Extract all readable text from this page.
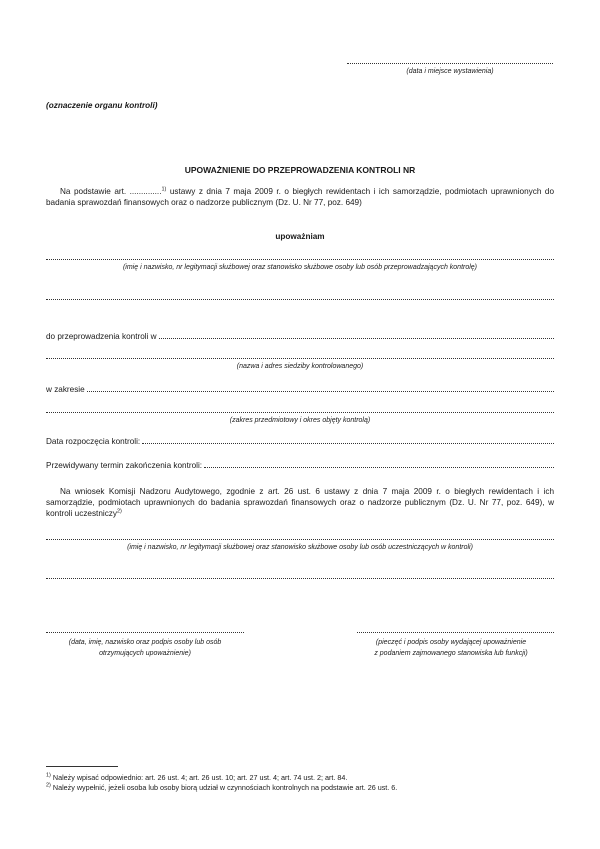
(data i miejsce wystawienia)
(oznaczenie organu kontroli)
UPOWAŻNIENIE DO PRZEPROWADZENIA KONTROLI NR
Na podstawie art. ..............$^{1)}$ ustawy z dnia 7 maja 2009 r. o biegłych rewidentach i ich samorządzie, podmiotach uprawnionych do badania sprawozdań finansowych oraz o nadzorze publicznym (Dz. U. Nr 77, poz. 649)
upoważniam
(imię i nazwisko, nr legitymacji służbowej oraz stanowisko służbowe osoby lub osób przeprowadzających kontrolę)
do przeprowadzenia kontroli w
(nazwa i adres siedziby kontrolowanego)
w zakresie
(zakres przedmiotowy i okres objęty kontrolą)
Data rozpoczęcia kontroli:
Przewidywany termin zakończenia kontroli:
Na wniosek Komisji Nadzoru Audytowego, zgodnie z art. 26 ust. 6 ustawy z dnia 7 maja 2009 r. o biegłych rewidentach i ich samorządzie, podmiotach uprawnionych do badania sprawozdań finansowych oraz o nadzorze publicznym (Dz. U. Nr 77, poz. 649), w kontroli uczestniczy$^{2)}$
(imię i nazwisko, nr legitymacji służbowej oraz stanowisko służbowe osoby lub osób uczestniczących w kontroli)
(data, imię, nazwisko oraz podpis osoby lub osób
otrzymujących upoważnienie)
(pieczęć i podpis osoby wydającej upoważnienie
z podaniem zajmowanego stanowiska lub funkcji)
$^{1)}$ Należy wpisać odpowiednio: art. 26 ust. 4; art. 26 ust. 10; art. 27 ust. 4; art. 74 ust. 2; art. 84.
$^{2)}$ Należy wypełnić, jeżeli osoba lub osoby biorą udział w czynnościach kontrolnych na podstawie art. 26 ust. 6.
